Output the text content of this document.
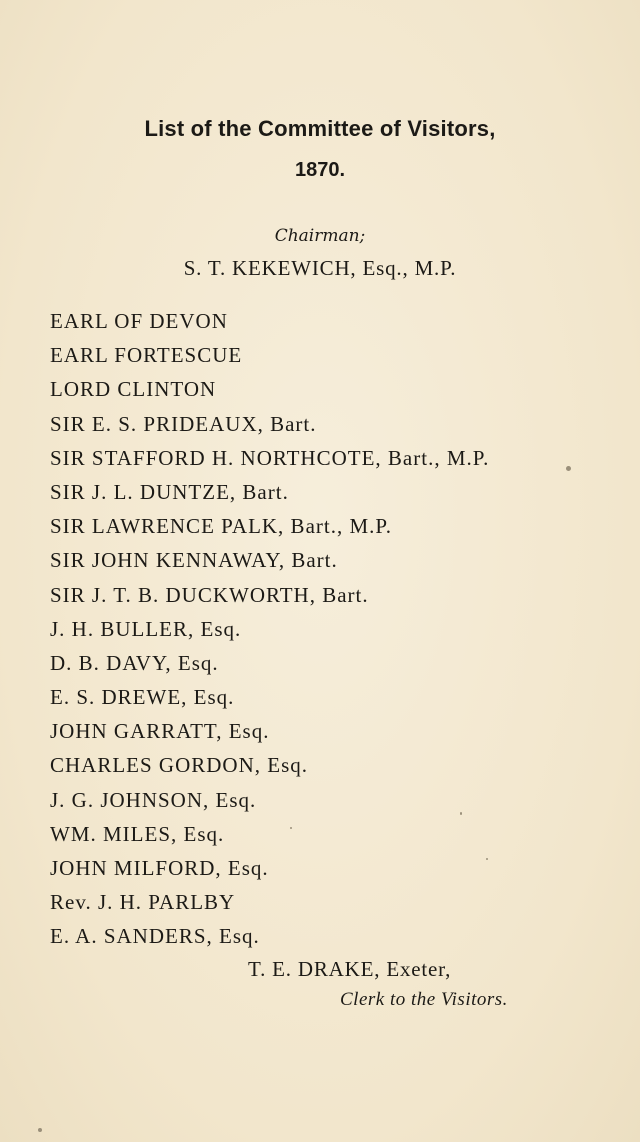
List of the Committee of Visitors,
1870.
Chairman;
S. T. KEKEWICH, Esq., M.P.
EARL OF DEVON
EARL FORTESCUE
LORD CLINTON
SIR E. S. PRIDEAUX, Bart.
SIR STAFFORD H. NORTHCOTE, Bart., M.P.
SIR J. L. DUNTZE, Bart.
SIR LAWRENCE PALK, Bart., M.P.
SIR JOHN KENNAWAY, Bart.
SIR J. T. B. DUCKWORTH, Bart.
J. H. BULLER, Esq.
D. B. DAVY, Esq.
E. S. DREWE, Esq.
JOHN GARRATT, Esq.
CHARLES GORDON, Esq.
J. G. JOHNSON, Esq.
WM. MILES, Esq.
JOHN MILFORD, Esq.
Rev. J. H. PARLBY
E. A. SANDERS, Esq.
T. E. DRAKE, Exeter,
Clerk to the Visitors.
